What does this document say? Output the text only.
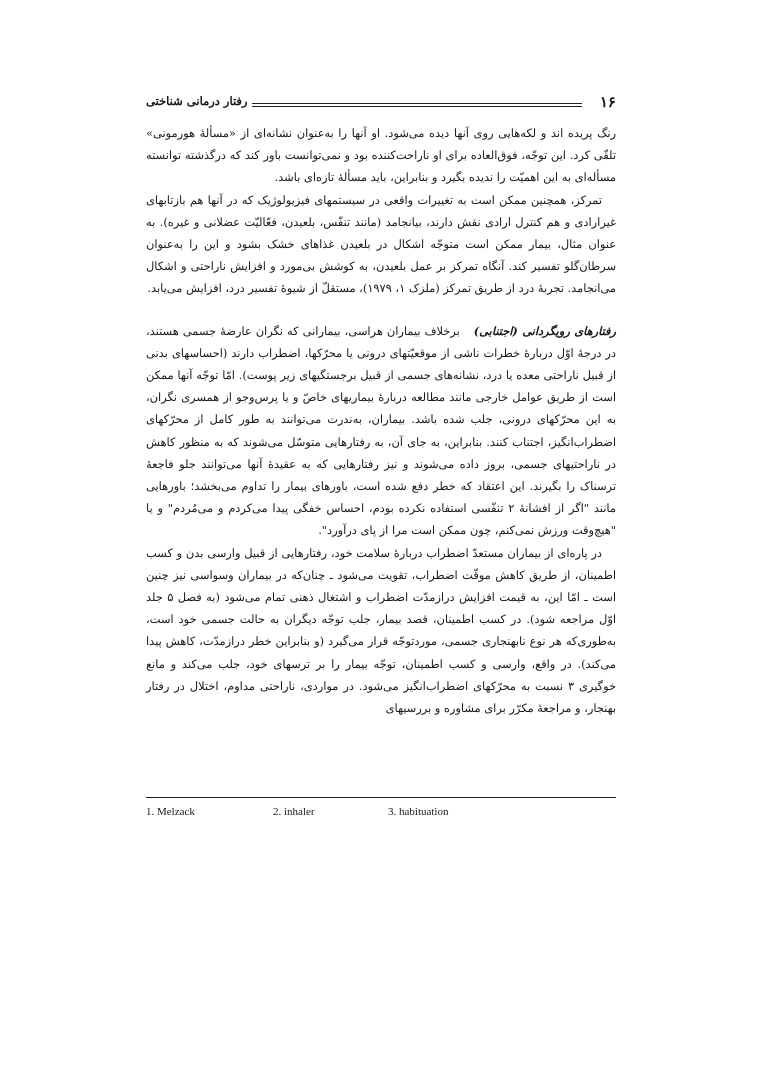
۱۶
رفتار درمانی شناختی

رنگ پریده اند و لکه‌هایی روی آنها دیده می‌شود. او آنها را به‌عنوان نشانه‌ای از «مسألهٔ هورمونی» تلقّی کرد. این توجّه، فوق‌العاده برای او ناراحت‌کننده بود و نمی‌توانست باور کند که درگذشته توانسته مسأله‌ای به این اهمیّت را ندیده بگیرد و بنابراین، باید مسألهٔ تازه‌ای باشد.

تمرکز، همچنین ممکن است به تغییرات واقعی در سیستمهای فیزیولوژیک که در آنها هم بازتابهای غیرارادی و هم کنترل ارادی نقش دارند، بیانجامد (مانند تنفّس، بلعیدن، فعّالیّت عضلانی و غیره). به عنوان مثال، بیمار ممکن است متوجّه اشکال در بلعیدن غذاهای خشک بشود و این را به‌عنوان سرطان‌گلو تفسیر کند. آنگاه تمرکز بر عمل بلعیدن، به کوشش بی‌مورد و افزایش ناراحتی و اشکال می‌انجامد. تجربهٔ درد از طریق تمرکز (ملزک ۱، ۱۹۷۹)، مستقلّ از شیوهٔ تفسیر درد، افزایش می‌یابد.

رفتارهای رویگردانی (اجتنابی) برخلاف بیماران هراسی، بیمارانی که نگران عارضهٔ جسمی هستند، در درجهٔ اوّل دربارهٔ خطرات ناشی از موقعیّتهای درونی یا محرّکها، اضطراب دارند (احساسهای بدنی از قبیل ناراحتی معده یا درد، نشانه‌های جسمی از قبیل برجستگیهای زیر پوست). امّا توجّه آنها ممکن است از طریق عوامل خارجی مانند مطالعه دربارهٔ بیماریهای خاصّ و یا پرس‌وجو از همسری نگران، به این محرّکهای درونی، جلب شده باشد. بیماران، به‌ندرت می‌توانند به طور کامل از محرّکهای اضطراب‌انگیز، اجتناب کنند. بنابراین، به جای آن، به رفتارهایی متوسّل می‌شوند که به منظور کاهش در ناراحتیهای جسمی، بروز داده می‌شوند و نیز رفتارهایی که به عقیدهٔ آنها می‌توانند جلو فاجعهٔ ترسناک را بگیرند. این اعتقاد که خطر دفع شده است، باورهای بیمار را تداوم می‌بخشد؛ باورهایی مانند "اگر از افشانهٔ ۲ تنفّسی استفاده نکرده بودم، احساس خفگی پیدا می‌کردم و می‌مُردم" و یا "هیچ‌وقت ورزش نمی‌کنم، چون ممکن است مرا از پای درآورد".

در پاره‌ای از بیماران مستعدّ اضطراب دربارهٔ سلامت خود، رفتارهایی از قبیل وارسی بدن و کسب اطمینان، از طریق کاهش موقّت اضطراب، تقویت می‌شود ـ چنان‌که در بیماران وسواسی نیز چنین است ـ امّا این، به قیمت افزایش درازمدّت اضطراب و اشتغال ذهنی تمام می‌شود (به فصل ۵ جلد اوّل مراجعه شود). در کسب اطمینان، قصد بیمار، جلب توجّه دیگران به حالت جسمی خود است، به‌طوری‌که هر نوع نابهنجاری جسمی، موردتوجّه قرار می‌گیرد (و بنابراین خطر درازمدّت، کاهش پیدا می‌کند). در واقع، وارسی و کسب اطمینان، توجّه بیمار را بر ترسهای خود، جلب می‌کند و مانع خوگیری ۳ نسبت به محرّکهای اضطراب‌انگیز می‌شود. در مواردی، ناراحتی مداوم، اختلال در رفتار بهنجار، و مراجعهٔ مکرّر برای مشاوره و بررسیهای

1. Melzack	2. inhaler	3. habituation
